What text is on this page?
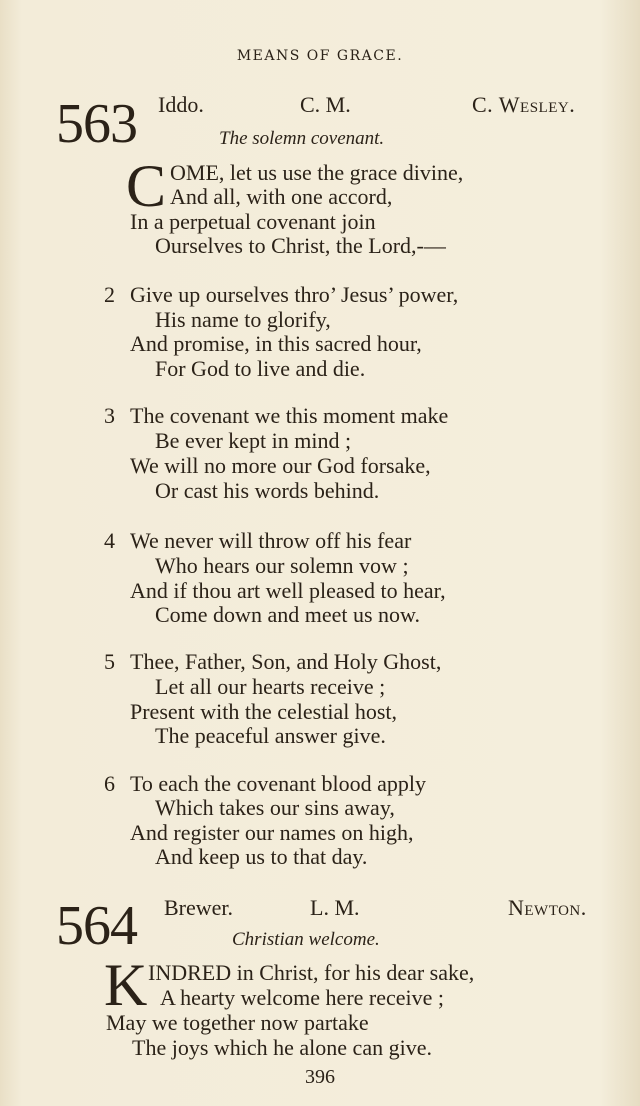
MEANS OF GRACE.
563 Iddo.	C. M.	C. Wesley.
The solemn covenant.
C OME, let us use the grace divine,
And all, with one accord,
In a perpetual covenant join
Ourselves to Christ, the Lord,-—
2 Give up ourselves thro’ Jesus’ power,
His name to glorify,
And promise, in this sacred hour,
For God to live and die.
3 The covenant we this moment make
Be ever kept in mind ;
We will no more our God forsake,
Or cast his words behind.
4 We never will throw off his fear
Who hears our solemn vow ;
And if thou art well pleased to hear,
Come down and meet us now.
5 Thee, Father, Son, and Holy Ghost,
Let all our hearts receive ;
Present with the celestial host,
The peaceful answer give.
6 To each the covenant blood apply
Which takes our sins away,
And register our names on high,
And keep us to that day.
564 Brewer.	L. M.	Newton.
Christian welcome.
K INDRED in Christ, for his dear sake,
A hearty welcome here receive ;
May we together now partake
The joys which he alone can give.
396
